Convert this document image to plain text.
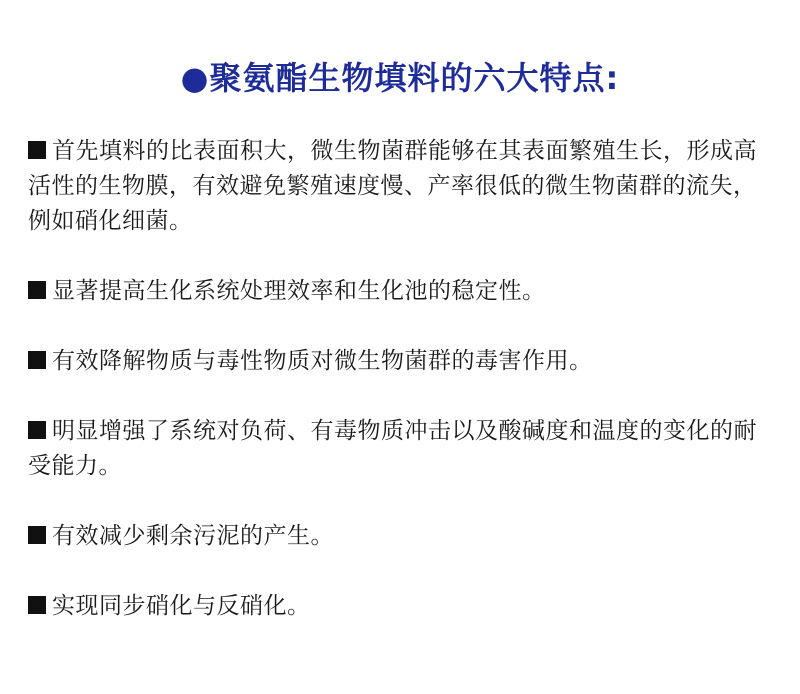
●聚氨酯生物填料的六大特点:
首先填料的比表面积大，微生物菌群能够在其表面繁殖生长，形成高活性的生物膜，有效避免繁殖速度慢、产率很低的微生物菌群的流失，例如硝化细菌。
显著提高生化系统处理效率和生化池的稳定性。
有效降解物质与毒性物质对微生物菌群的毒害作用。
明显增强了系统对负荷、有毒物质冲击以及酸碱度和温度的变化的耐受能力。
有效减少剩余污泥的产生。
实现同步硝化与反硝化。
